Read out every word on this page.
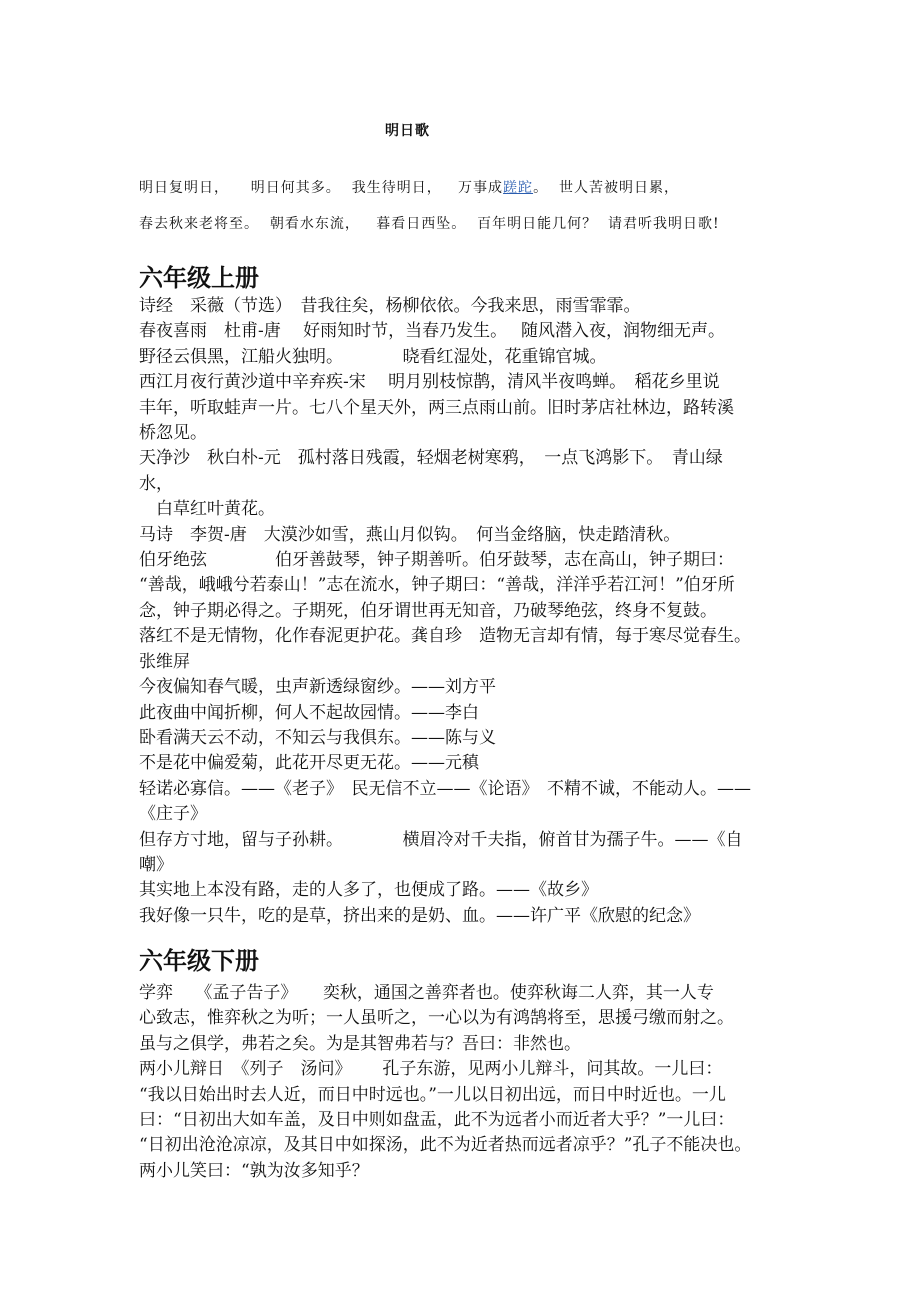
明日歌
明日复明日，    明日何其多。  我生待明日，   万事成蹉跎。  世人苦被明日累，
春去秋来老将至。  朝看水东流，   暮看日西坠。  百年明日能几何？  请君听我明日歌!
六年级上册
诗经　采薇（节选）　昔我往矣，杨柳依依。今我来思，雨雪霏霏。
春夜喜雨　杜甫-唐　 好雨知时节，当春乃发生。　 随风潜入夜，润物细无声。
野径云俱黑，江船火独明。　　　　晓看红湿处，花重锦官城。
西江月夜行黄沙道中辛弃疾-宋　 明月别枝惊鹊，清风半夜鸣蝉。　稻花乡里说
丰年，听取蛙声一片。七八个星天外，两三点雨山前。旧时茅店社林边，路转溪
桥忽见。
天净沙　秋白朴-元　孤村落日残霞，轻烟老树寒鸦，　一点飞鸿影下。　青山绿
水，
　白草红叶黄花。
马诗　李贺-唐　大漠沙如雪，燕山月似钩。　何当金络脑，快走踏清秋。
伯牙绝弦　　　　伯牙善鼓琴，钟子期善听。伯牙鼓琴，志在高山，钟子期曰：
“善哉，峨峨兮若泰山！”志在流水，钟子期曰：“善哉，洋洋乎若江河！”伯牙所
念，钟子期必得之。子期死，伯牙谓世再无知音，乃破琴绝弦，终身不复鼓。
落红不是无情物，化作春泥更护花。龚自珍　造物无言却有情，每于寒尽觉春生。
张维屏
今夜偏知春气暖，虫声新透绿窗纱。——刘方平
此夜曲中闻折柳，何人不起故园情。——李白
卧看满天云不动，不知云与我俱东。——陈与义
不是花中偏爱菊，此花开尽更无花。——元稹
轻诺必寡信。——《老子》　民无信不立——《论语》　不精不诚，不能动人。——
《庄子》
但存方寸地，留与子孙耕。　　　　横眉冷对千夫指，俯首甘为孺子牛。——《自
嘲》
其实地上本没有路，走的人多了，也便成了路。——《故乡》
我好像一只牛，吃的是草，挤出来的是奶、血。——许广平《欣慰的纪念》
六年级下册
学弈　 《孟子告子》　　奕秋，通国之善弈者也。使弈秋诲二人弈，其一人专
心致志，惟弈秋之为听；一人虽听之，一心以为有鸿鹄将至，思援弓缴而射之。
虽与之俱学，弗若之矣。为是其智弗若与？吾曰：非然也。
两小儿辩日　《列子　汤问》　　 孔子东游，见两小儿辩斗，问其故。一儿曰：
“我以日始出时去人近，而日中时远也。”一儿以日初出远，而日中时近也。一儿
曰：“日初出大如车盖，及日中则如盘盂，此不为远者小而近者大乎？”一儿曰：
“日初出沧沧凉凉，及其日中如探汤，此不为近者热而远者凉乎？”孔子不能决也。
两小儿笑曰：“孰为汝多知乎？
